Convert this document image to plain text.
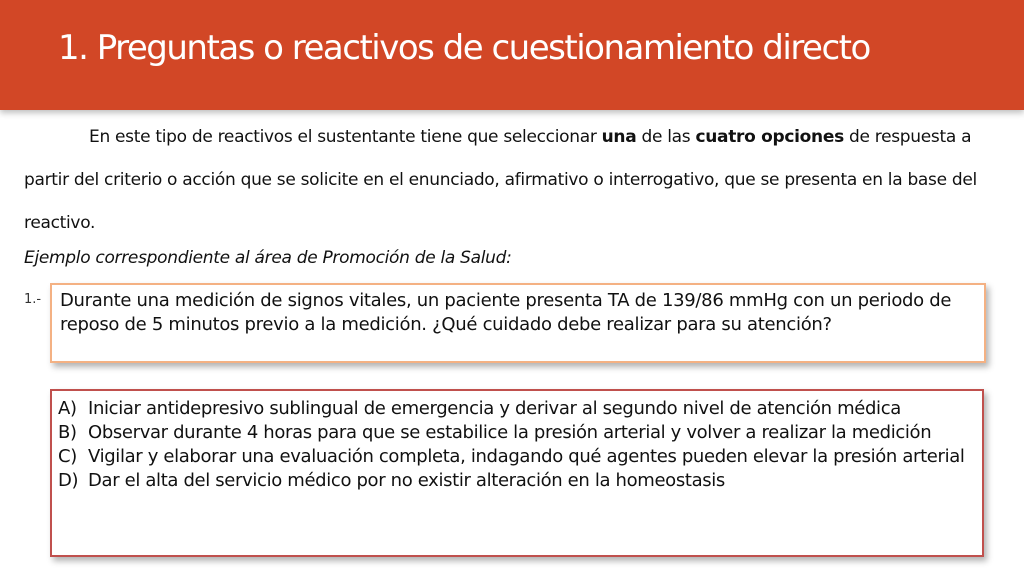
1. Preguntas o reactivos de cuestionamiento directo

En este tipo de reactivos el sustentante tiene que seleccionar una de las cuatro opciones de respuesta a partir del criterio o acción que se solicite en el enunciado, afirmativo o interrogativo, que se presenta en la base del reactivo.

Ejemplo correspondiente al área de Promoción de la Salud:

1.-	Durante una medición de signos vitales, un paciente presenta TA de 139/86 mmHg con un periodo de reposo de 5 minutos previo a la medición. ¿Qué cuidado debe realizar para su atención?
A) Iniciar antidepresivo sublingual de emergencia y derivar al segundo nivel de atención médica
B) Observar durante 4 horas para que se estabilice la presión arterial y volver a realizar la medición
C) Vigilar y elaborar una evaluación completa, indagando qué agentes pueden elevar la presión arterial
D) Dar el alta del servicio médico por no existir alteración en la homeostasis
